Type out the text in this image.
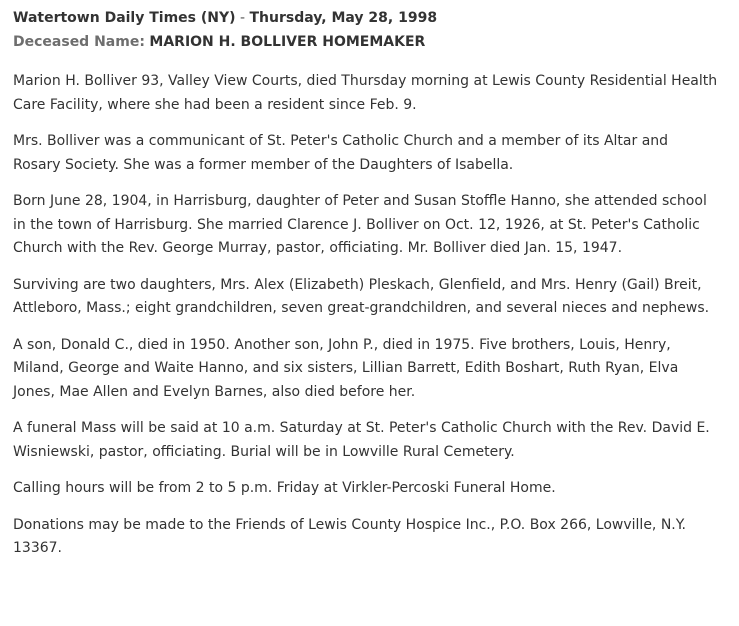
Watertown Daily Times (NY) - Thursday, May 28, 1998
Deceased Name: MARION H. BOLLIVER HOMEMAKER

Marion H. Bolliver 93, Valley View Courts, died Thursday morning at Lewis County Residential Health Care Facility, where she had been a resident since Feb. 9.

Mrs. Bolliver was a communicant of St. Peter's Catholic Church and a member of its Altar and Rosary Society. She was a former member of the Daughters of Isabella.

Born June 28, 1904, in Harrisburg, daughter of Peter and Susan Stoffle Hanno, she attended school in the town of Harrisburg. She married Clarence J. Bolliver on Oct. 12, 1926, at St. Peter's Catholic Church with the Rev. George Murray, pastor, officiating. Mr. Bolliver died Jan. 15, 1947.

Surviving are two daughters, Mrs. Alex (Elizabeth) Pleskach, Glenfield, and Mrs. Henry (Gail) Breit, Attleboro, Mass.; eight grandchildren, seven great-grandchildren, and several nieces and nephews.

A son, Donald C., died in 1950. Another son, John P., died in 1975. Five brothers, Louis, Henry, Miland, George and Waite Hanno, and six sisters, Lillian Barrett, Edith Boshart, Ruth Ryan, Elva Jones, Mae Allen and Evelyn Barnes, also died before her.

A funeral Mass will be said at 10 a.m. Saturday at St. Peter's Catholic Church with the Rev. David E. Wisniewski, pastor, officiating. Burial will be in Lowville Rural Cemetery.

Calling hours will be from 2 to 5 p.m. Friday at Virkler-Percoski Funeral Home.

Donations may be made to the Friends of Lewis County Hospice Inc., P.O. Box 266, Lowville, N.Y. 13367.
